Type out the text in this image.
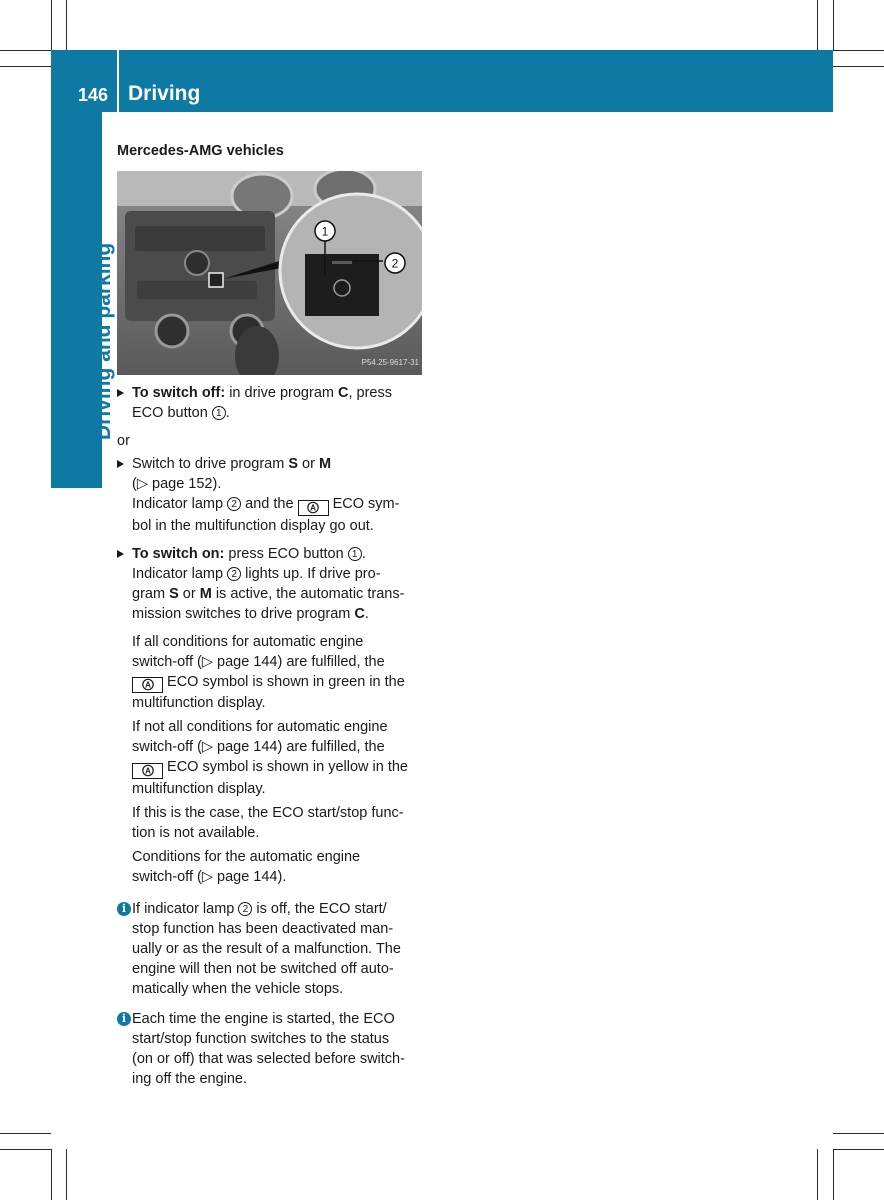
146 Driving
Driving and parking

Mercedes-AMG vehicles

1
2
P54.25-9617-31
To switch off: in drive program C, press
ECO button 1 .

or

Switch to drive program S or M
(▷ page 152).
Indicator lamp 2 and the A ECO sym-
bol in the multifunction display go out.
To switch on: press ECO button 1 .
Indicator lamp 2 lights up. If drive pro-
gram S or M is active, the automatic trans-
mission switches to drive program C.
If all conditions for automatic engine
switch-off (▷ page 144) are fulfilled, the
A ECO symbol is shown in green in the
multifunction display.
If not all conditions for automatic engine
switch-off (▷ page 144) are fulfilled, the
A ECO symbol is shown in yellow in the
multifunction display.
If this is the case, the ECO start/stop func-
tion is not available.
Conditions for the automatic engine
switch-off (▷ page 144).
i If indicator lamp 2 is off, the ECO start/
stop function has been deactivated man-
ually or as the result of a malfunction. The
engine will then not be switched off auto-
matically when the vehicle stops.
i Each time the engine is started, the ECO
start/stop function switches to the status
(on or off) that was selected before switch-
ing off the engine.
